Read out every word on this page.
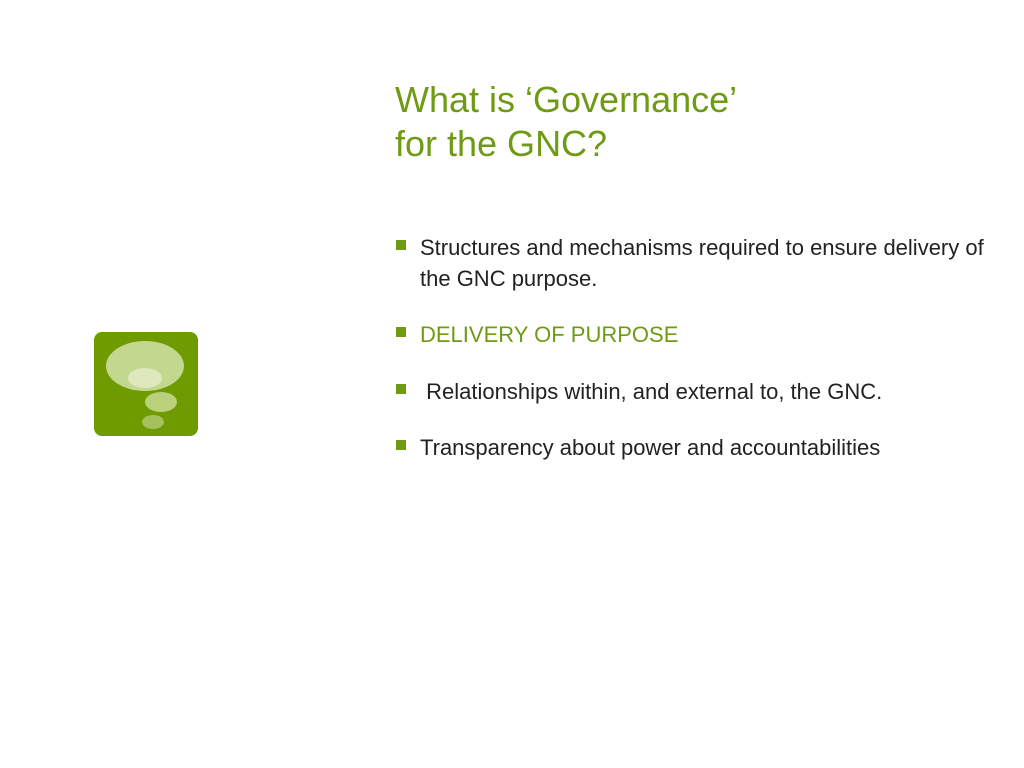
What is ‘Governance’
for the GNC?
Structures and mechanisms required to ensure delivery of the GNC purpose.
DELIVERY OF PURPOSE
Relationships within, and external to, the GNC.
Transparency about power and accountabilities
